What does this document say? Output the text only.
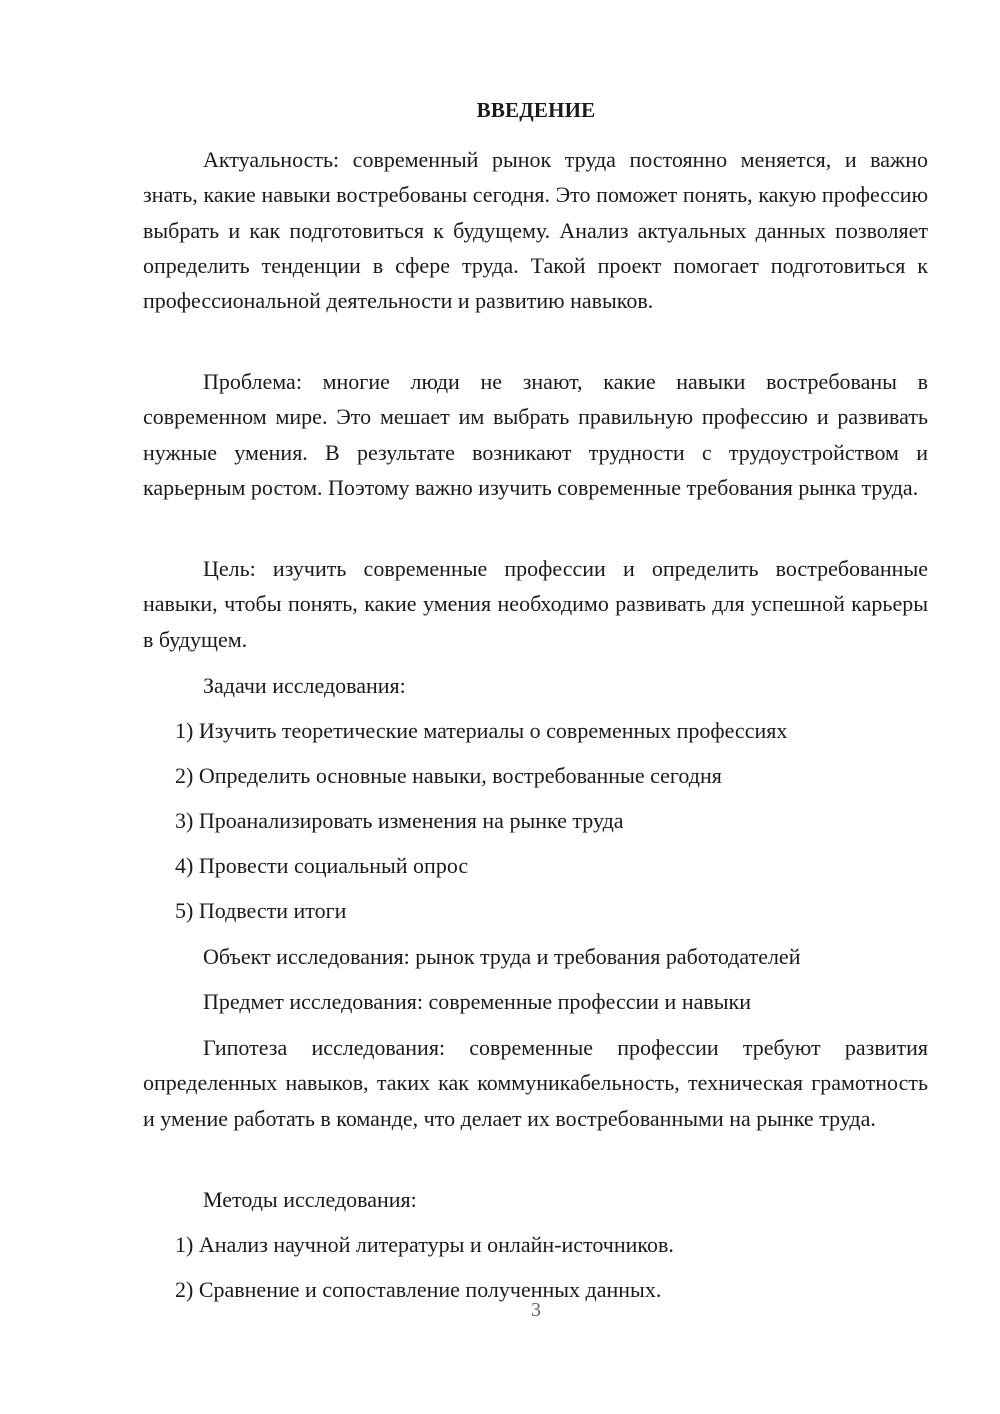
ВВЕДЕНИЕ

Актуальность: современный рынок труда постоянно меняется, и важно знать, какие навыки востребованы сегодня. Это поможет понять, какую профессию выбрать и как подготовиться к будущему. Анализ актуальных данных позволяет определить тенденции в сфере труда. Такой проект помогает подготовиться к профессиональной деятельности и развитию навыков.

Проблема: многие люди не знают, какие навыки востребованы в современном мире. Это мешает им выбрать правильную профессию и развивать нужные умения. В результате возникают трудности с трудоустройством и карьерным ростом. Поэтому важно изучить современные требования рынка труда.

Цель: изучить современные профессии и определить востребованные навыки, чтобы понять, какие умения необходимо развивать для успешной карьеры в будущем.

Задачи исследования:

1) Изучить теоретические материалы о современных профессиях

2) Определить основные навыки, востребованные сегодня

3) Проанализировать изменения на рынке труда

4) Провести социальный опрос

5) Подвести итоги

Объект исследования: рынок труда и требования работодателей

Предмет исследования: современные профессии и навыки

Гипотеза исследования: современные профессии требуют развития определенных навыков, таких как коммуникабельность, техническая грамотность и умение работать в команде, что делает их востребованными на рынке труда.

Методы исследования:

1) Анализ научной литературы и онлайн-источников.

2) Сравнение и сопоставление полученных данных.

3
